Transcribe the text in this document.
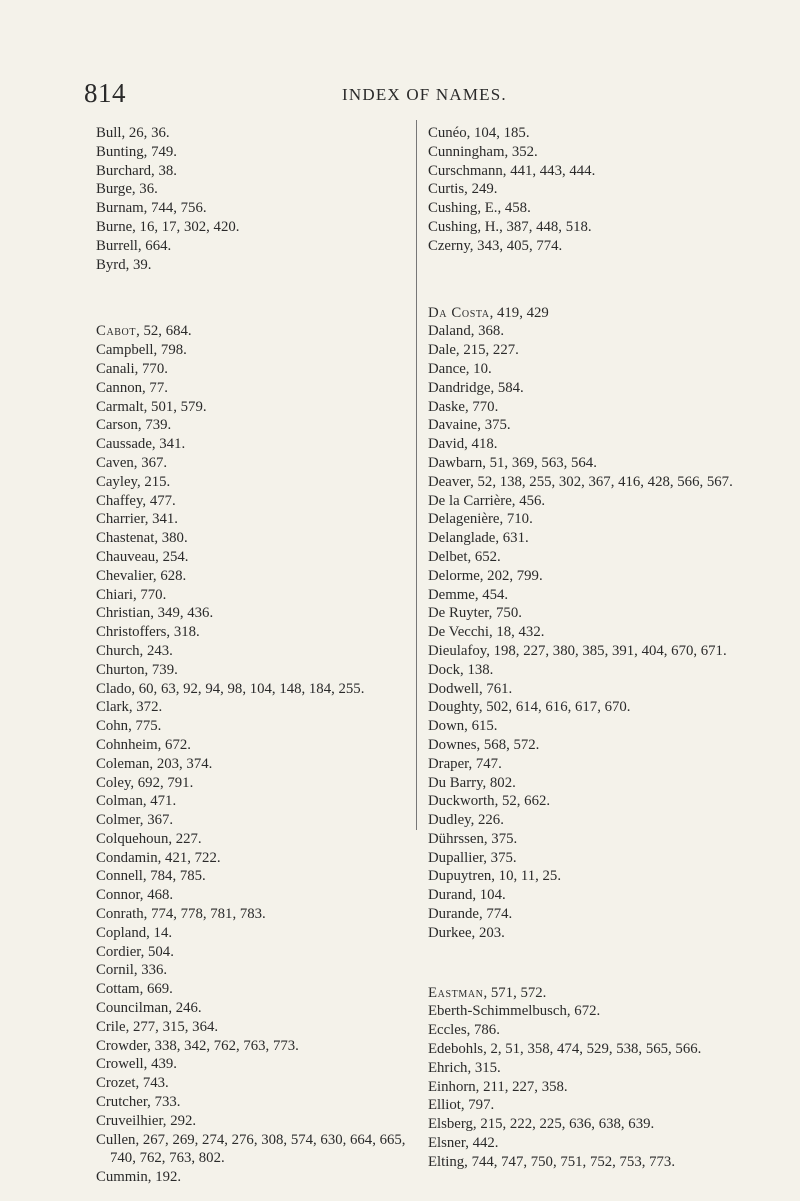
814	INDEX OF NAMES.
Bull, 26, 36.
Bunting, 749.
Burchard, 38.
Burge, 36.
Burnam, 744, 756.
Burne, 16, 17, 302, 420.
Burrell, 664.
Byrd, 39.
Cabot, 52, 684.
Campbell, 798.
Canali, 770.
Cannon, 77.
Carmalt, 501, 579.
Carson, 739.
Caussade, 341.
Caven, 367.
Cayley, 215.
Chaffey, 477.
Charrier, 341.
Chastenat, 380.
Chauveau, 254.
Chevalier, 628.
Chiari, 770.
Christian, 349, 436.
Christoffers, 318.
Church, 243.
Churton, 739.
Clado, 60, 63, 92, 94, 98, 104, 148, 184, 255.
Clark, 372.
Cohn, 775.
Cohnheim, 672.
Coleman, 203, 374.
Coley, 692, 791.
Colman, 471.
Colmer, 367.
Colquehoun, 227.
Condamin, 421, 722.
Connell, 784, 785.
Connor, 468.
Conrath, 774, 778, 781, 783.
Copland, 14.
Cordier, 504.
Cornil, 336.
Cottam, 669.
Councilman, 246.
Crile, 277, 315, 364.
Crowder, 338, 342, 762, 763, 773.
Crowell, 439.
Crozet, 743.
Crutcher, 733.
Cruveilhier, 292.
Cullen, 267, 269, 274, 276, 308, 574, 630, 664, 665, 740, 762, 763, 802.
Cummin, 192.
Cunéo, 104, 185.
Cunningham, 352.
Curschmann, 441, 443, 444.
Curtis, 249.
Cushing, E., 458.
Cushing, H., 387, 448, 518.
Czerny, 343, 405, 774.
Da Costa, 419, 429
Daland, 368.
Dale, 215, 227.
Dance, 10.
Dandridge, 584.
Daske, 770.
Davaine, 375.
David, 418.
Dawbarn, 51, 369, 563, 564.
Deaver, 52, 138, 255, 302, 367, 416, 428, 566, 567.
De la Carrière, 456.
Delagenière, 710.
Delanglade, 631.
Delbet, 652.
Delorme, 202, 799.
Demme, 454.
De Ruyter, 750.
De Vecchi, 18, 432.
Dieulafoy, 198, 227, 380, 385, 391, 404, 670, 671.
Dock, 138.
Dodwell, 761.
Doughty, 502, 614, 616, 617, 670.
Down, 615.
Downes, 568, 572.
Draper, 747.
Du Barry, 802.
Duckworth, 52, 662.
Dudley, 226.
Dührssen, 375.
Dupallier, 375.
Dupuytren, 10, 11, 25.
Durand, 104.
Durande, 774.
Durkee, 203.
Eastman, 571, 572.
Eberth-Schimmelbusch, 672.
Eccles, 786.
Edebohls, 2, 51, 358, 474, 529, 538, 565, 566.
Ehrich, 315.
Einhorn, 211, 227, 358.
Elliot, 797.
Elsberg, 215, 222, 225, 636, 638, 639.
Elsner, 442.
Elting, 744, 747, 750, 751, 752, 753, 773.
